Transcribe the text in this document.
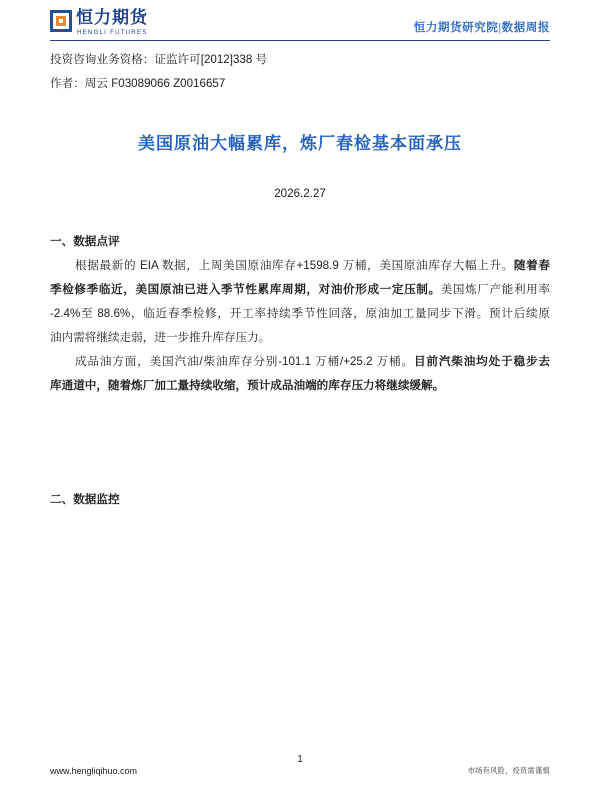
恒力期货
HENGLI FUTURES	恒力期货研究院|数据周报
投资咨询业务资格：证监许可[2012]338 号
作者：周云 F03089066 Z0016657
美国原油大幅累库，炼厂春检基本面承压
2026.2.27
一、数据点评
根据最新的 EIA 数据，上周美国原油库存+1598.9 万桶，美国原油库存大幅上升。随着春
季检修季临近，美国原油已进入季节性累库周期，对油价形成一定压制。美国炼厂产能利用率
-2.4%至 88.6%，临近春季检修，开工率持续季节性回落，原油加工量同步下滑。预计后续原
油内需将继续走弱，进一步推升库存压力。
成品油方面，美国汽油/柴油库存分别-101.1 万桶/+25.2 万桶。目前汽柴油均处于稳步去
库通道中，随着炼厂加工量持续收缩，预计成品油端的库存压力将继续缓解。
二、数据监控
1
www.hengliqihuo.com	市场有风险，投资需谨慎
